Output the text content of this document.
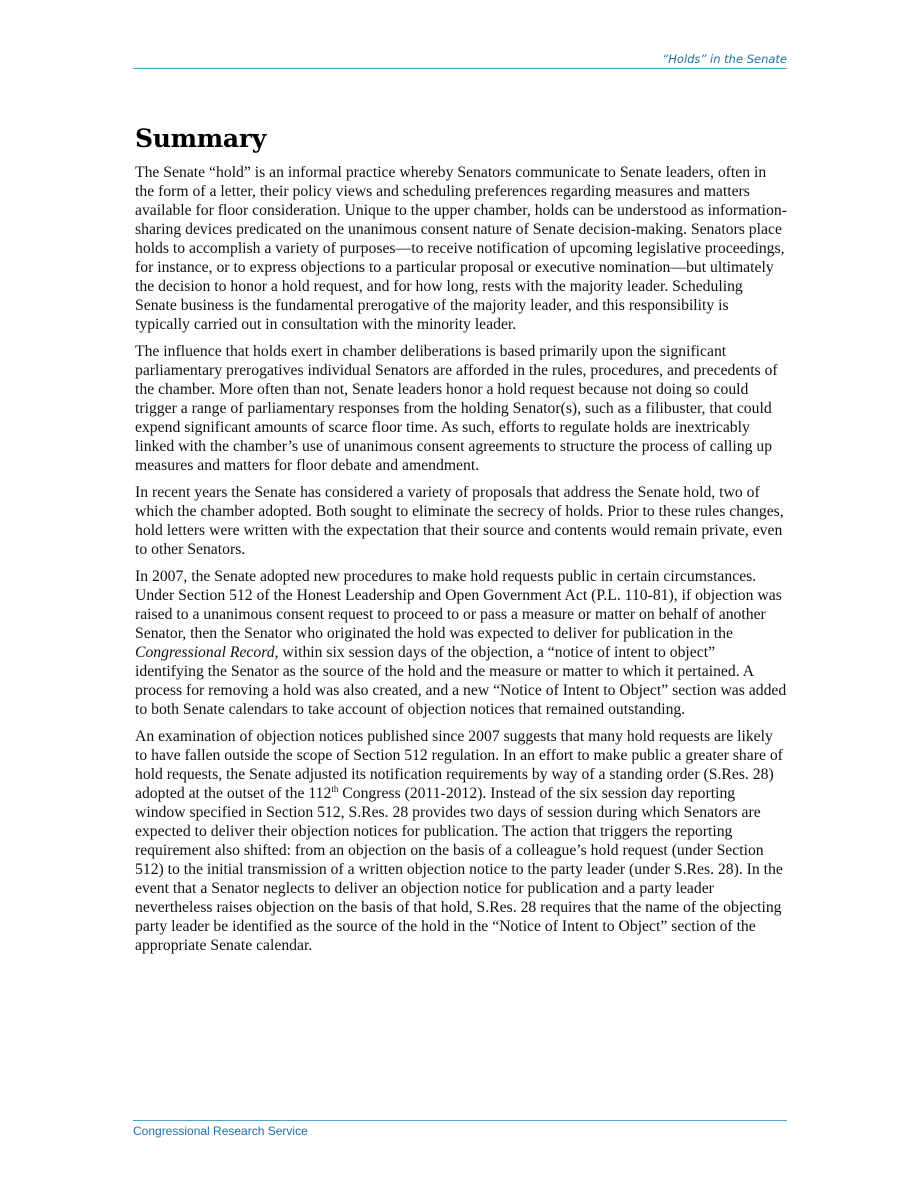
“Holds” in the Senate
Summary

The Senate “hold” is an informal practice whereby Senators communicate to Senate leaders, often in the form of a letter, their policy views and scheduling preferences regarding measures and matters available for floor consideration. Unique to the upper chamber, holds can be understood as information-sharing devices predicated on the unanimous consent nature of Senate decision-making. Senators place holds to accomplish a variety of purposes—to receive notification of upcoming legislative proceedings, for instance, or to express objections to a particular proposal or executive nomination—but ultimately the decision to honor a hold request, and for how long, rests with the majority leader. Scheduling Senate business is the fundamental prerogative of the majority leader, and this responsibility is typically carried out in consultation with the minority leader.

The influence that holds exert in chamber deliberations is based primarily upon the significant parliamentary prerogatives individual Senators are afforded in the rules, procedures, and precedents of the chamber. More often than not, Senate leaders honor a hold request because not doing so could trigger a range of parliamentary responses from the holding Senator(s), such as a filibuster, that could expend significant amounts of scarce floor time. As such, efforts to regulate holds are inextricably linked with the chamber’s use of unanimous consent agreements to structure the process of calling up measures and matters for floor debate and amendment.

In recent years the Senate has considered a variety of proposals that address the Senate hold, two of which the chamber adopted. Both sought to eliminate the secrecy of holds. Prior to these rules changes, hold letters were written with the expectation that their source and contents would remain private, even to other Senators.

In 2007, the Senate adopted new procedures to make hold requests public in certain circumstances. Under Section 512 of the Honest Leadership and Open Government Act (P.L. 110-81), if objection was raised to a unanimous consent request to proceed to or pass a measure or matter on behalf of another Senator, then the Senator who originated the hold was expected to deliver for publication in the Congressional Record, within six session days of the objection, a “notice of intent to object” identifying the Senator as the source of the hold and the measure or matter to which it pertained. A process for removing a hold was also created, and a new “Notice of Intent to Object” section was added to both Senate calendars to take account of objection notices that remained outstanding.

An examination of objection notices published since 2007 suggests that many hold requests are likely to have fallen outside the scope of Section 512 regulation. In an effort to make public a greater share of hold requests, the Senate adjusted its notification requirements by way of a standing order (S.Res. 28) adopted at the outset of the 112th Congress (2011-2012). Instead of the six session day reporting window specified in Section 512, S.Res. 28 provides two days of session during which Senators are expected to deliver their objection notices for publication. The action that triggers the reporting requirement also shifted: from an objection on the basis of a colleague’s hold request (under Section 512) to the initial transmission of a written objection notice to the party leader (under S.Res. 28). In the event that a Senator neglects to deliver an objection notice for publication and a party leader nevertheless raises objection on the basis of that hold, S.Res. 28 requires that the name of the objecting party leader be identified as the source of the hold in the “Notice of Intent to Object” section of the appropriate Senate calendar.

Congressional Research Service
